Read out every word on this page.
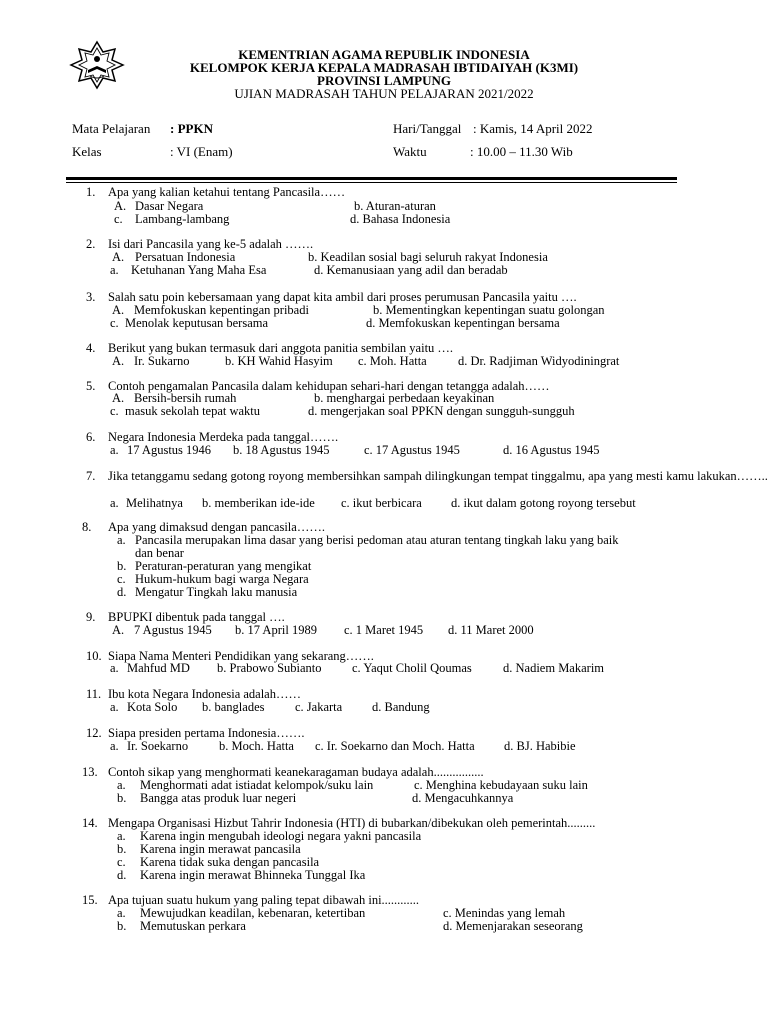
KEMENTRIAN AGAMA REPUBLIK INDONESIA
KELOMPOK KERJA KEPALA MADRASAH IBTIDAIYAH (K3MI)
PROVINSI LAMPUNG
UJIAN MADRASAH TAHUN PELAJARAN 2021/2022
Mata Pelajaran : PPKN	Hari/Tanggal : Kamis, 14 April 2022
Kelas	: VI (Enam)	Waktu	: 10.00 – 11.30 Wib
1. Apa yang kalian ketahui tentang Pancasila……
A. Dasar Negara	b. Aturan-aturan
c. Lambang-lambang	d. Bahasa Indonesia
2. Isi dari Pancasila yang ke-5 adalah …….
A. Persatuan Indonesia	b. Keadilan sosial bagi seluruh rakyat Indonesia
a. Ketuhanan Yang Maha Esa	d. Kemanusiaan yang adil dan beradab
3. Salah satu poin kebersamaan yang dapat kita ambil dari proses perumusan Pancasila yaitu ….
A. Memfokuskan kepentingan pribadi	b. Mementingkan kepentingan suatu golongan
c. Menolak keputusan bersama	d. Memfokuskan kepentingan bersama
4. Berikut yang bukan termasuk dari anggota panitia sembilan yaitu ….
A. Ir. Sukarno	b. KH Wahid Hasyim c. Moh. Hatta	d. Dr. Radjiman Widyodiningrat
5. Contoh pengamalan Pancasila dalam kehidupan sehari-hari dengan tetangga adalah……
A. Bersih-bersih rumah	b. menghargai perbedaan keyakinan
c. masuk sekolah tepat waktu	d. mengerjakan soal PPKN dengan sungguh-sungguh
6. Negara Indonesia Merdeka pada tanggal…….
a. 17 Agustus 1946 b. 18 Agustus 1945	c. 17 Agustus 1945	d. 16 Agustus 1945
7. Jika tetanggamu sedang gotong royong membersihkan sampah dilingkungan tempat tinggalmu, apa yang mesti kamu lakukan……..
a. Melihatnya b. memberikan ide-ide c. ikut berbicara d. ikut dalam gotong royong tersebut
8. Apa yang dimaksud dengan pancasila…….
a. Pancasila merupakan lima dasar yang berisi pedoman atau aturan tentang tingkah laku yang baik
dan benar
b. Peraturan-peraturan yang mengikat
c. Hukum-hukum bagi warga Negara
d. Mengatur Tingkah laku manusia
9. BPUPKI dibentuk pada tanggal ….
A. 7 Agustus 1945 b. 17 April 1989 c. 1 Maret 1945 d. 11 Maret 2000
10. Siapa Nama Menteri Pendidikan yang sekarang…….
a. Mahfud MD b. Prabowo Subianto c. Yaqut Cholil Qoumas d. Nadiem Makarim
11. Ibu kota Negara Indonesia adalah……
a. Kota Solo b. banglades c. Jakarta d. Bandung
12. Siapa presiden pertama Indonesia…….
a. Ir. Soekarno b. Moch. Hatta c. Ir. Soekarno dan Moch. Hatta d. BJ. Habibie
13. Contoh sikap yang menghormati keanekaragaman budaya adalah................
a. Menghormati adat istiadat kelompok/suku lain	c. Menghina kebudayaan suku lain
b. Bangga atas produk luar negeri	d. Mengacuhkannya
14. Mengapa Organisasi Hizbut Tahrir Indonesia (HTI) di bubarkan/dibekukan oleh pemerintah.........
a. Karena ingin mengubah ideologi negara yakni pancasila
b. Karena ingin merawat pancasila
c. Karena tidak suka dengan pancasila
d. Karena ingin merawat Bhinneka Tunggal Ika
15. Apa tujuan suatu hukum yang paling tepat dibawah ini............
a. Mewujudkan keadilan, kebenaran, ketertiban	c. Menindas yang lemah
b. Memutuskan perkara	d. Memenjarakan seseorang
